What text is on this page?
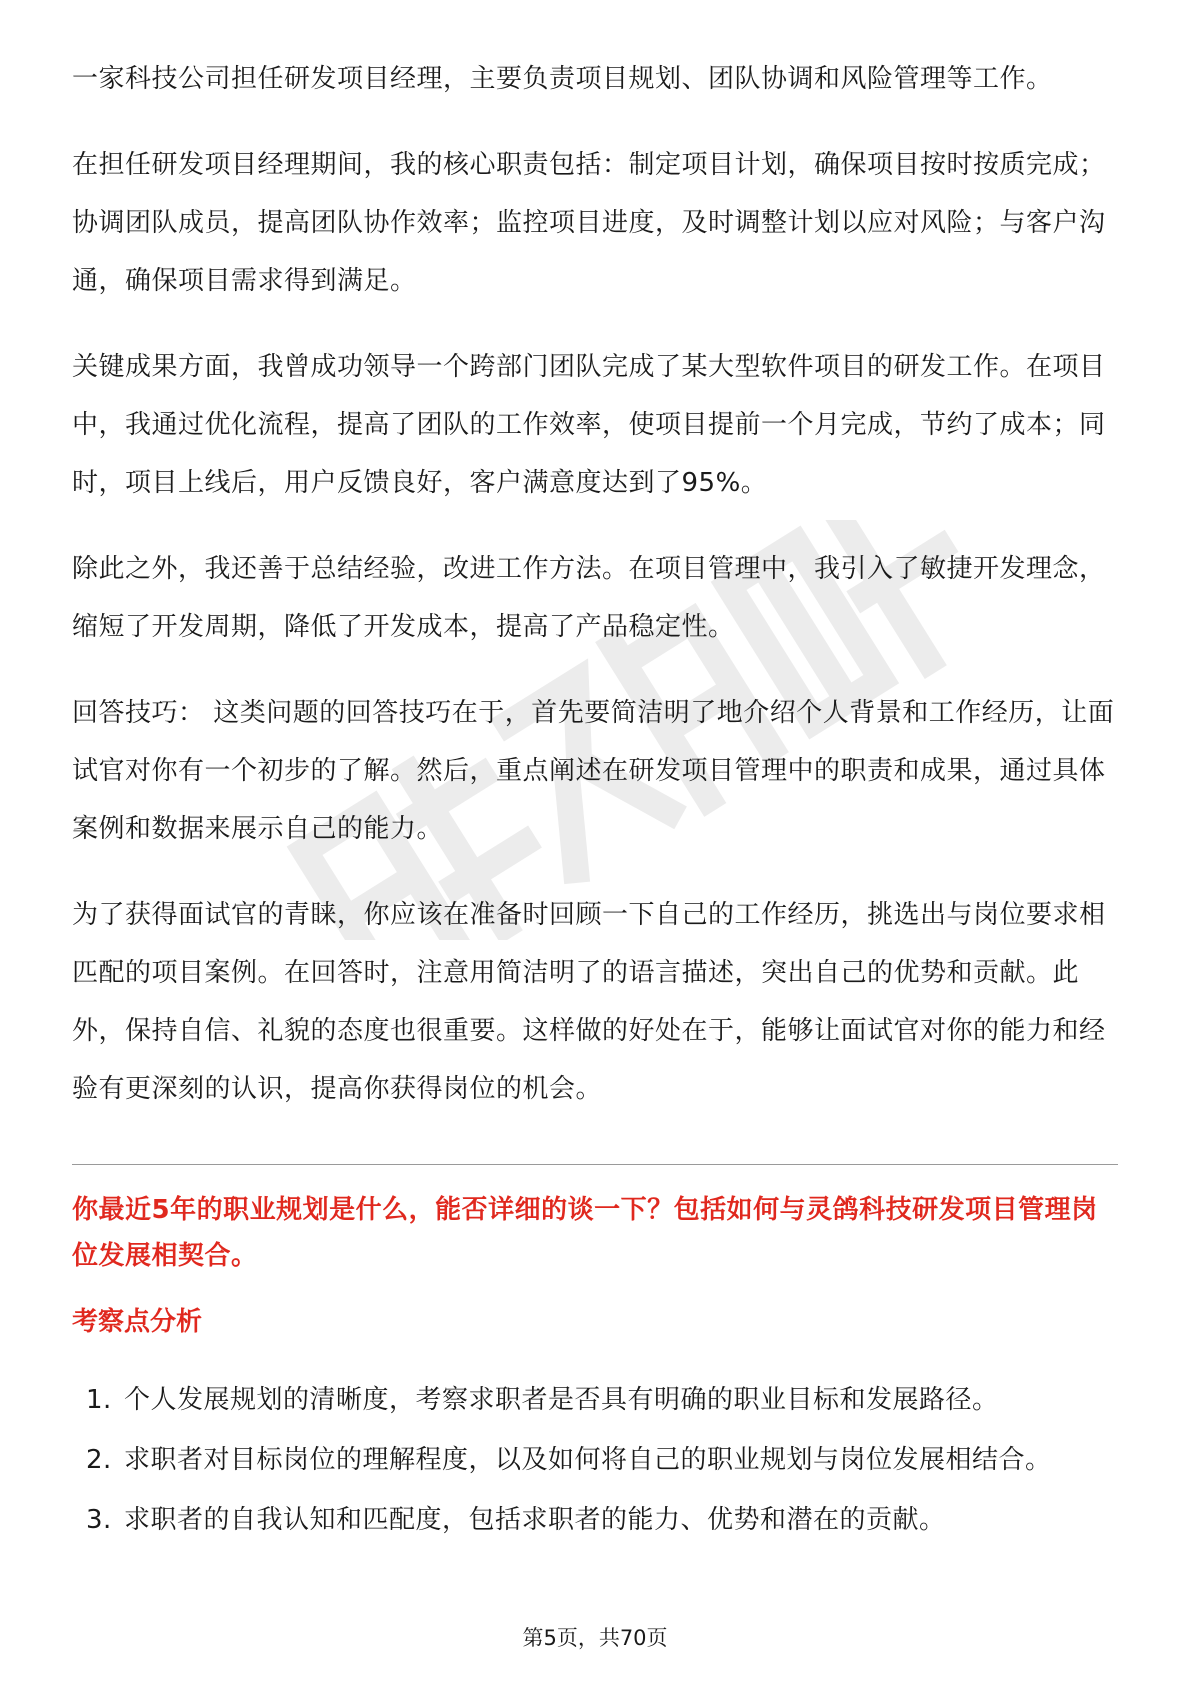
一家科技公司担任研发项目经理，主要负责项目规划、团队协调和风险管理等工作。

在担任研发项目经理期间，我的核心职责包括：制定项目计划，确保项目按时按质完成；协调团队成员，提高团队协作效率；监控项目进度，及时调整计划以应对风险；与客户沟通，确保项目需求得到满足。

关键成果方面，我曾成功领导一个跨部门团队完成了某大型软件项目的研发工作。在项目中，我通过优化流程，提高了团队的工作效率，使项目提前一个月完成，节约了成本；同时，项目上线后，用户反馈良好，客户满意度达到了95%。

除此之外，我还善于总结经验，改进工作方法。在项目管理中，我引入了敏捷开发理念，缩短了开发周期，降低了开发成本，提高了产品稳定性。

回答技巧： 这类问题的回答技巧在于，首先要简洁明了地介绍个人背景和工作经历，让面试官对你有一个初步的了解。然后，重点阐述在研发项目管理中的职责和成果，通过具体案例和数据来展示自己的能力。

为了获得面试官的青睐，你应该在准备时回顾一下自己的工作经历，挑选出与岗位要求相匹配的项目案例。在回答时，注意用简洁明了的语言描述，突出自己的优势和贡献。此外，保持自信、礼貌的态度也很重要。这样做的好处在于，能够让面试官对你的能力和经验有更深刻的认识，提高你获得岗位的机会。

你最近5年的职业规划是什么，能否详细的谈一下？包括如何与灵鸽科技研发项目管理岗位发展相契合。

考察点分析

1. 个人发展规划的清晰度，考察求职者是否具有明确的职业目标和发展路径。
2. 求职者对目标岗位的理解程度，以及如何将自己的职业规划与岗位发展相结合。
3. 求职者的自我认知和匹配度，包括求职者的能力、优势和潜在的贡献。
第5页，共70页
